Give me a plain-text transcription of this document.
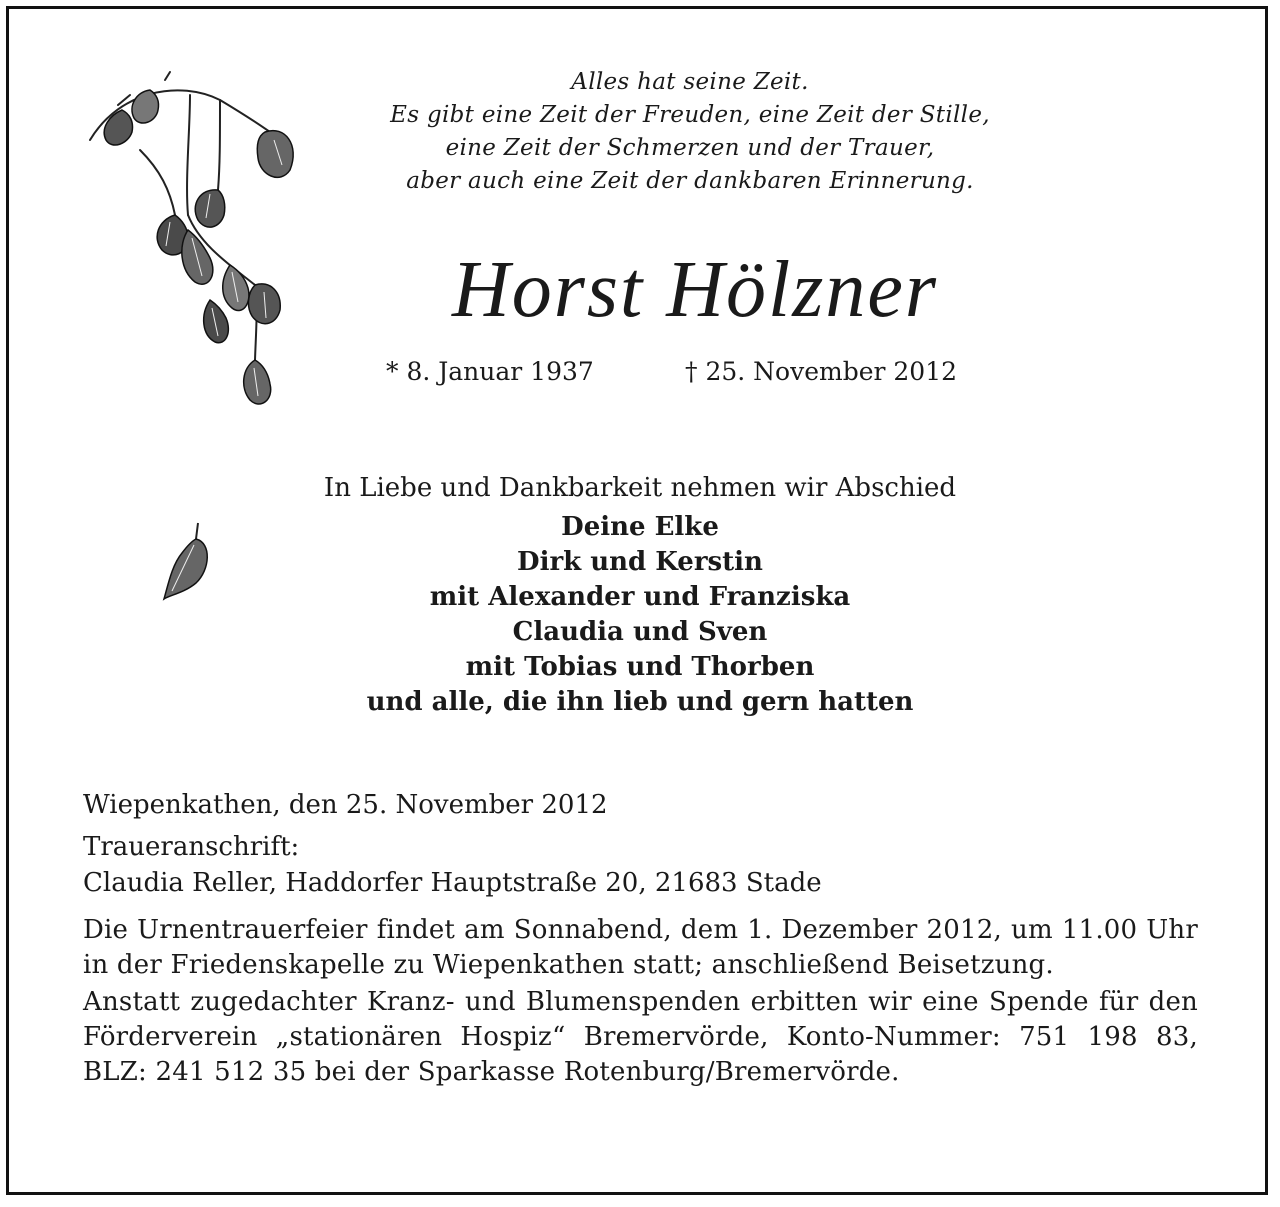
Alles hat seine Zeit.
Es gibt eine Zeit der Freuden, eine Zeit der Stille,
eine Zeit der Schmerzen und der Trauer,
aber auch eine Zeit der dankbaren Erinnerung.
Horst Hölzner
* 8. Januar 1937	† 25. November 2012
In Liebe und Dankbarkeit nehmen wir Abschied
Deine Elke
Dirk und Kerstin
mit Alexander und Franziska
Claudia und Sven
mit Tobias und Thorben
und alle, die ihn lieb und gern hatten
Wiepenkathen, den 25. November 2012
Traueranschrift:
Claudia Reller, Haddorfer Hauptstraße 20, 21683 Stade
Die Urnentrauerfeier findet am Sonnabend, dem 1. Dezember 2012, um 11.00 Uhr in der Friedenskapelle zu Wiepenkathen statt; anschließend Beisetzung.
Anstatt zugedachter Kranz- und Blumenspenden erbitten wir eine Spende für den Förderverein „stationären Hospiz“ Bremervörde, Konto-Nummer: 751 198 83, BLZ: 241 512 35 bei der Sparkasse Rotenburg/Bremervörde.
